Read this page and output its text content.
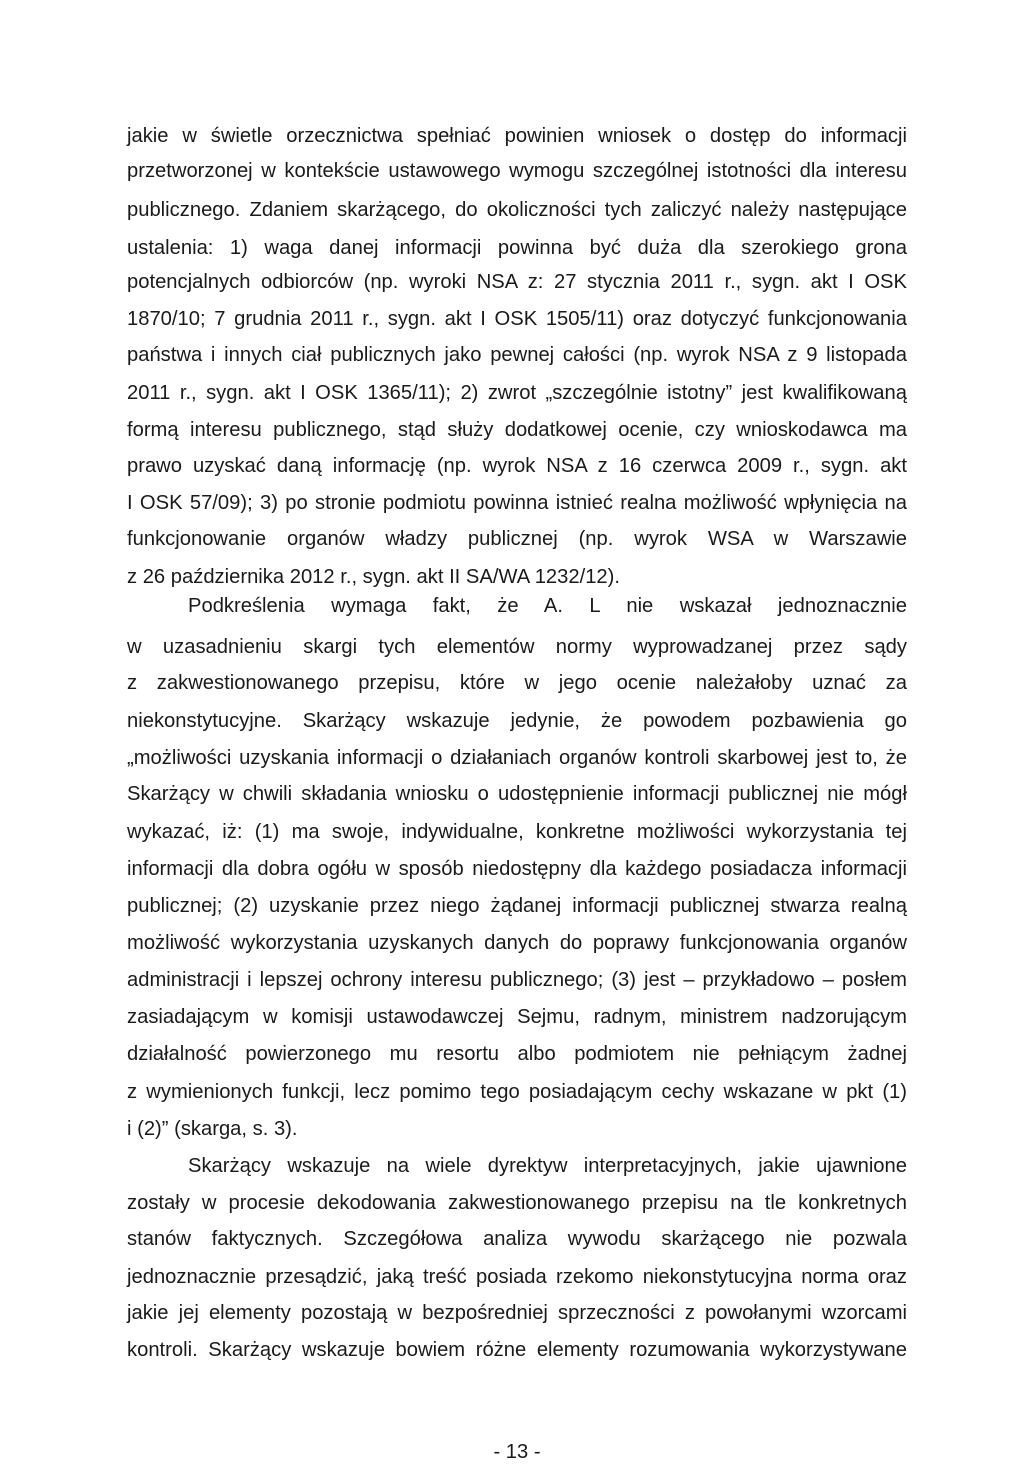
jakie w świetle orzecznictwa spełniać powinien wniosek o dostęp do informacji
przetworzonej w kontekście ustawowego wymogu szczególnej istotności dla interesu
publicznego. Zdaniem skarżącego, do okoliczności tych zaliczyć należy następujące
ustalenia: 1) waga danej informacji powinna być duża dla szerokiego grona
potencjalnych odbiorców (np. wyroki NSA z: 27 stycznia 2011 r., sygn. akt I OSK
1870/10; 7 grudnia 2011 r., sygn. akt I OSK 1505/11) oraz dotyczyć funkcjonowania
państwa i innych ciał publicznych jako pewnej całości (np. wyrok NSA z 9 listopada
2011 r., sygn. akt I OSK 1365/11); 2) zwrot „szczególnie istotny” jest kwalifikowaną
formą interesu publicznego, stąd służy dodatkowej ocenie, czy wnioskodawca ma
prawo uzyskać daną informację (np. wyrok NSA z 16 czerwca 2009 r., sygn. akt
I OSK 57/09); 3) po stronie podmiotu powinna istnieć realna możliwość wpłynięcia na
funkcjonowanie organów władzy publicznej (np. wyrok WSA w Warszawie
z 26 października 2012 r., sygn. akt II SA/WA 1232/12).
Podkreślenia wymaga fakt, że A. L nie wskazał jednoznacznie
w uzasadnieniu skargi tych elementów normy wyprowadzanej przez sądy
z zakwestionowanego przepisu, które w jego ocenie należałoby uznać za
niekonstytucyjne. Skarżący wskazuje jedynie, że powodem pozbawienia go
„możliwości uzyskania informacji o działaniach organów kontroli skarbowej jest to, że
Skarżący w chwili składania wniosku o udostępnienie informacji publicznej nie mógł
wykazać, iż: (1) ma swoje, indywidualne, konkretne możliwości wykorzystania tej
informacji dla dobra ogółu w sposób niedostępny dla każdego posiadacza informacji
publicznej; (2) uzyskanie przez niego żądanej informacji publicznej stwarza realną
możliwość wykorzystania uzyskanych danych do poprawy funkcjonowania organów
administracji i lepszej ochrony interesu publicznego; (3) jest – przykładowo – posłem
zasiadającym w komisji ustawodawczej Sejmu, radnym, ministrem nadzorującym
działalność powierzonego mu resortu albo podmiotem nie pełniącym żadnej
z wymienionych funkcji, lecz pomimo tego posiadającym cechy wskazane w pkt (1)
i (2)” (skarga, s. 3).
Skarżący wskazuje na wiele dyrektyw interpretacyjnych, jakie ujawnione
zostały w procesie dekodowania zakwestionowanego przepisu na tle konkretnych
stanów faktycznych. Szczegółowa analiza wywodu skarżącego nie pozwala
jednoznacznie przesądzić, jaką treść posiada rzekomo niekonstytucyjna norma oraz
jakie jej elementy pozostają w bezpośredniej sprzeczności z powołanymi wzorcami
kontroli. Skarżący wskazuje bowiem różne elementy rozumowania wykorzystywane
- 13 -
